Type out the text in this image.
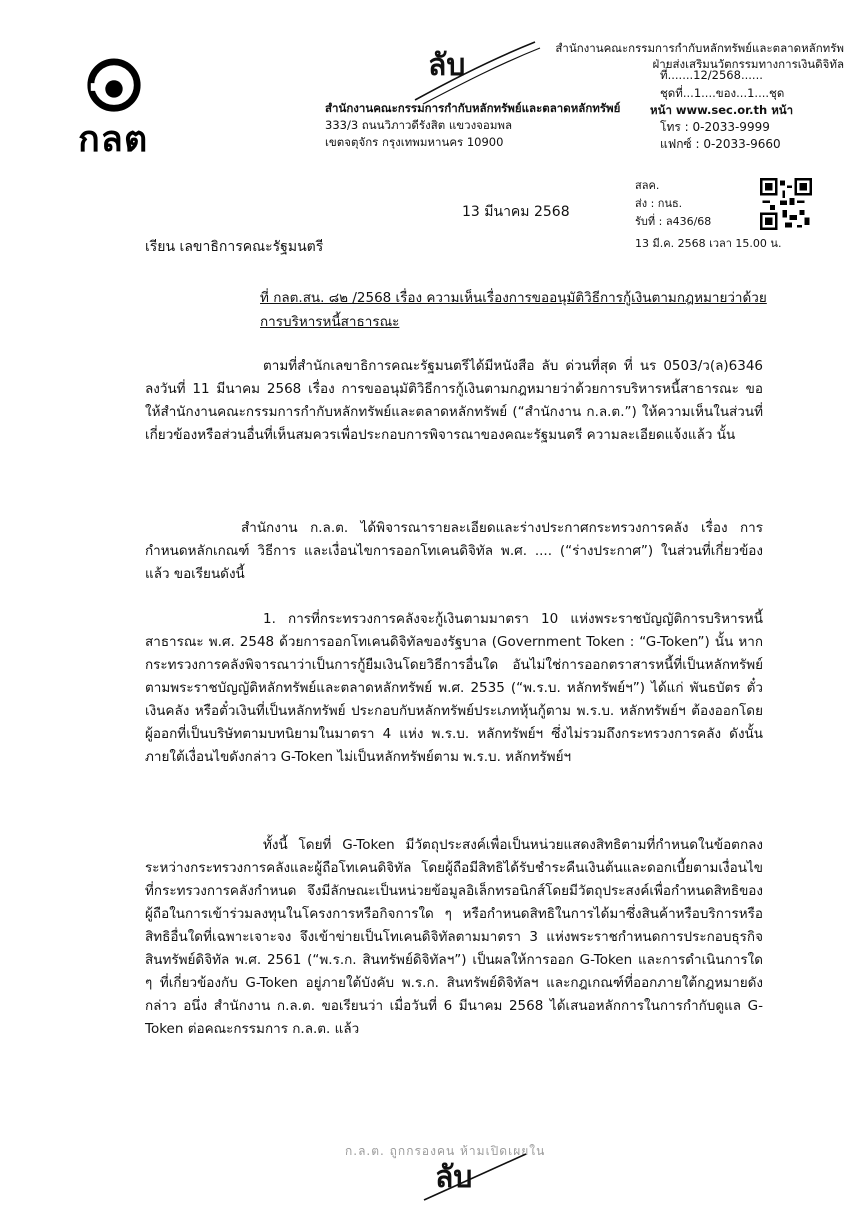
กลต
ลับ
สำนักงานคณะกรรมการกำกับหลักทรัพย์และตลาดหลักทรัพย์
333/3 ถนนวิภาวดีรังสิต แขวงจอมพล
เขตจตุจักร กรุงเทพมหานคร 10900
สำนักงานคณะกรรมการกำกับหลักทรัพย์และตลาดหลักทรัพ
ฝ่ายส่งเสริมนวัตกรรมทางการเงินดิจิทัล
ที่.......12/2568......
ชุดที่...1....ของ...1....ชุด
หน้า www.sec.or.th หน้า
โทร : 0-2033-9999
แฟกซ์ : 0-2033-9660
สลค.
ส่ง : กนธ.
รับที่ : ล436/68
13 มี.ค. 2568 เวลา 15.00 น.
13 มีนาคม 2568
เรียน เลขาธิการคณะรัฐมนตรี
ที่ กลต.สน. ๘๒ /2568 เรื่อง ความเห็นเรื่องการขออนุมัติวิธีการกู้เงินตามกฎหมายว่าด้วยการบริหารหนี้สาธารณะ
ตามที่สำนักเลขาธิการคณะรัฐมนตรีได้มีหนังสือ ลับ ด่วนที่สุด ที่ นร 0503/ว(ล)6346 ลงวันที่ 11 มีนาคม 2568 เรื่อง การขออนุมัติวิธีการกู้เงินตามกฎหมายว่าด้วยการบริหารหนี้สาธารณะ ขอให้สำนักงานคณะกรรมการกำกับหลักทรัพย์และตลาดหลักทรัพย์ (“สำนักงาน ก.ล.ต.”) ให้ความเห็นในส่วนที่เกี่ยวข้องหรือส่วนอื่นที่เห็นสมควรเพื่อประกอบการพิจารณาของคณะรัฐมนตรี ความละเอียดแจ้งแล้ว นั้น
สำนักงาน ก.ล.ต. ได้พิจารณารายละเอียดและร่างประกาศกระทรวงการคลัง เรื่อง การกำหนดหลักเกณฑ์ วิธีการ และเงื่อนไขการออกโทเคนดิจิทัล พ.ศ. .... (“ร่างประกาศ”) ในส่วนที่เกี่ยวข้องแล้ว ขอเรียนดังนี้
1. การที่กระทรวงการคลังจะกู้เงินตามมาตรา 10 แห่งพระราชบัญญัติการบริหารหนี้สาธารณะ พ.ศ. 2548 ด้วยการออกโทเคนดิจิทัลของรัฐบาล (Government Token : “G-Token”) นั้น หากกระทรวงการคลังพิจารณาว่าเป็นการกู้ยืมเงินโดยวิธีการอื่นใด อันไม่ใช่การออกตราสารหนี้ที่เป็นหลักทรัพย์ตามพระราชบัญญัติหลักทรัพย์และตลาดหลักทรัพย์ พ.ศ. 2535 (“พ.ร.บ. หลักทรัพย์ฯ”) ได้แก่ พันธบัตร ตั๋วเงินคลัง หรือตั๋วเงินที่เป็นหลักทรัพย์ ประกอบกับหลักทรัพย์ประเภทหุ้นกู้ตาม พ.ร.บ. หลักทรัพย์ฯ ต้องออกโดยผู้ออกที่เป็นบริษัทตามบทนิยามในมาตรา 4 แห่ง พ.ร.บ. หลักทรัพย์ฯ ซึ่งไม่รวมถึงกระทรวงการคลัง ดังนั้น ภายใต้เงื่อนไขดังกล่าว G-Token ไม่เป็นหลักทรัพย์ตาม พ.ร.บ. หลักทรัพย์ฯ
ทั้งนี้ โดยที่ G-Token มีวัตถุประสงค์เพื่อเป็นหน่วยแสดงสิทธิตามที่กำหนดในข้อตกลงระหว่างกระทรวงการคลังและผู้ถือโทเคนดิจิทัล โดยผู้ถือมีสิทธิได้รับชำระคืนเงินต้นและดอกเบี้ยตามเงื่อนไขที่กระทรวงการคลังกำหนด จึงมีลักษณะเป็นหน่วยข้อมูลอิเล็กทรอนิกส์โดยมีวัตถุประสงค์เพื่อกำหนดสิทธิของผู้ถือในการเข้าร่วมลงทุนในโครงการหรือกิจการใด ๆ หรือกำหนดสิทธิในการได้มาซึ่งสินค้าหรือบริการหรือสิทธิอื่นใดที่เฉพาะเจาะจง จึงเข้าข่ายเป็นโทเคนดิจิทัลตามมาตรา 3 แห่งพระราชกำหนดการประกอบธุรกิจสินทรัพย์ดิจิทัล พ.ศ. 2561 (“พ.ร.ก. สินทรัพย์ดิจิทัลฯ”) เป็นผลให้การออก G-Token และการดำเนินการใด ๆ ที่เกี่ยวข้องกับ G-Token อยู่ภายใต้บังคับ พ.ร.ก. สินทรัพย์ดิจิทัลฯ และกฎเกณฑ์ที่ออกภายใต้กฎหมายดังกล่าว อนึ่ง สำนักงาน ก.ล.ต. ขอเรียนว่า เมื่อวันที่ 6 มีนาคม 2568 ได้เสนอหลักการในการกำกับดูแล G-Token ต่อคณะกรรมการ ก.ล.ต. แล้ว
ก.ล.ต. ถูกกรองคน ห้ามเปิดเผยใน
ลับ
